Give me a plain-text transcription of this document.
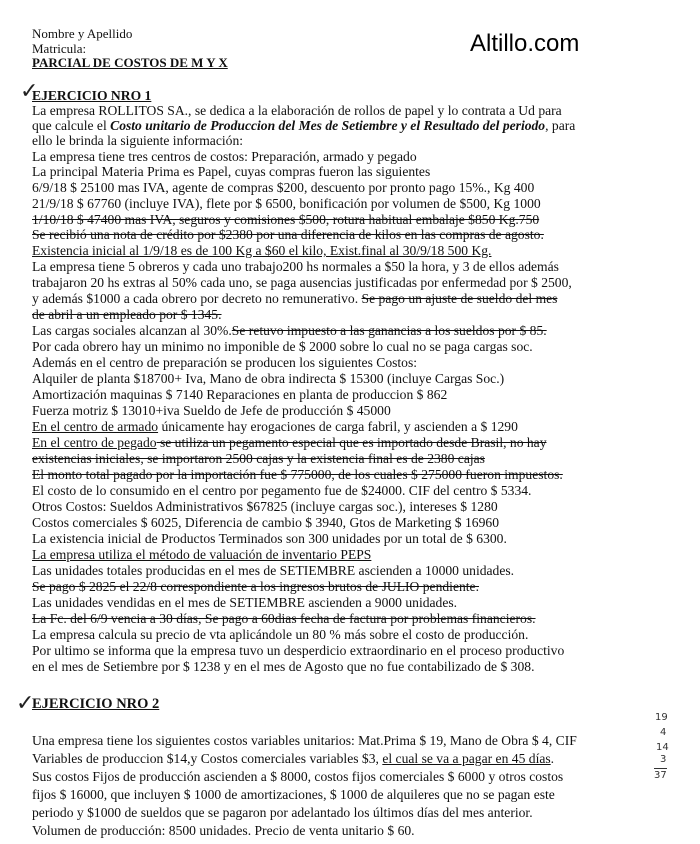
Altillo.com
Nombre y Apellido
Matricula:
PARCIAL DE COSTOS DE M Y X
✓
EJERCICIO NRO 1
La empresa ROLLITOS SA., se dedica a la elaboración de rollos de papel y lo contrata a Ud para
que calcule el Costo unitario de Produccion del Mes de Setiembre y el Resultado del periodo, para
ello le brinda la siguiente información:
La empresa tiene tres centros de costos: Preparación, armado y pegado
La principal Materia Prima es Papel, cuyas compras fueron las siguientes
6/9/18 $ 25100 mas IVA, agente de compras $200, descuento por pronto pago 15%., Kg 400
21/9/18 $ 67760 (incluye IVA), flete por $ 6500, bonificación por volumen de $500, Kg 1000
1/10/18 $ 47400 mas IVA, seguros y comisiones $500, rotura habitual embalaje $850 Kg.750
Se recibió una nota de crédito por $2380 por una diferencia de kilos en las compras de agosto.
Existencia inicial al 1/9/18 es de 100 Kg a $60 el kilo, Exist.final al 30/9/18 500 Kg.
La empresa tiene 5 obreros y cada uno trabajo200 hs normales a $50 la hora, y 3 de ellos además
trabajaron 20 hs extras al 50% cada uno, se paga ausencias justificadas por enfermedad por $ 2500,
y además $1000 a cada obrero por decreto no remunerativo. Se pago un ajuste de sueldo del mes
de abril a un empleado por $ 1345.
Las cargas sociales alcanzan al 30%.Se retuvo impuesto a las ganancias a los sueldos por $ 85.
Por cada obrero hay un minimo no imponible de $ 2000 sobre lo cual no se paga cargas soc.
Además en el centro de preparación se producen los siguientes Costos:
Alquiler de planta $18700+ Iva, Mano de obra indirecta $ 15300 (incluye Cargas Soc.)
Amortización maquinas $ 7140 Reparaciones en planta de produccion $ 862
Fuerza motriz $ 13010+iva Sueldo de Jefe de producción $ 45000
En el centro de armado únicamente hay erogaciones de carga fabril, y ascienden a $ 1290
En el centro de pegado se utiliza un pegamento especial que es importado desde Brasil, no hay
existencias iniciales, se importaron 2500 cajas y la existencia final es de 2380 cajas
El monto total pagado por la importación fue $ 775000, de los cuales $ 275000 fueron impuestos.
El costo de lo consumido en el centro por pegamento fue de $24000. CIF del centro $ 5334.
Otros Costos: Sueldos Administrativos $67825 (incluye cargas soc.), intereses $ 1280
Costos comerciales $ 6025, Diferencia de cambio $ 3940, Gtos de Marketing $ 16960
La existencia inicial de Productos Terminados son 300 unidades por un total de $ 6300.
La empresa utiliza el método de valuación de inventario PEPS
Las unidades totales producidas en el mes de SETIEMBRE ascienden a 10000 unidades.
Se pago $ 2825 el 22/8 correspondiente a los ingresos brutos de JULIO pendiente.
Las unidades vendidas en el mes de SETIEMBRE ascienden a 9000 unidades.
La Fc. del 6/9 vencia a 30 días, Se pago a 60dias fecha de factura por problemas financieros.
La empresa calcula su precio de vta aplicándole un 80 % más sobre el costo de producción.
Por ultimo se informa que la empresa tuvo un desperdicio extraordinario en el proceso productivo
en el mes de Setiembre por $ 1238 y en el mes de Agosto que no fue contabilizado de $ 308.
✓
EJERCICIO NRO 2
Una empresa tiene los siguientes costos variables unitarios: Mat.Prima $ 19, Mano de Obra $ 4, CIF
Variables de produccion $14,y Costos comerciales variables $3, el cual se va a pagar en 45 días.
Sus costos Fijos de producción ascienden a $ 8000, costos fijos comerciales $ 6000 y otros costos
fijos $ 16000, que incluyen $ 1000 de amortizaciones, $ 1000 de alquileres que no se pagan este
periodo y $1000 de sueldos que se pagaron por adelantado los últimos días del mes anterior.
Volumen de producción: 8500 unidades. Precio de venta unitario $ 60.
19
4
14
3
37
